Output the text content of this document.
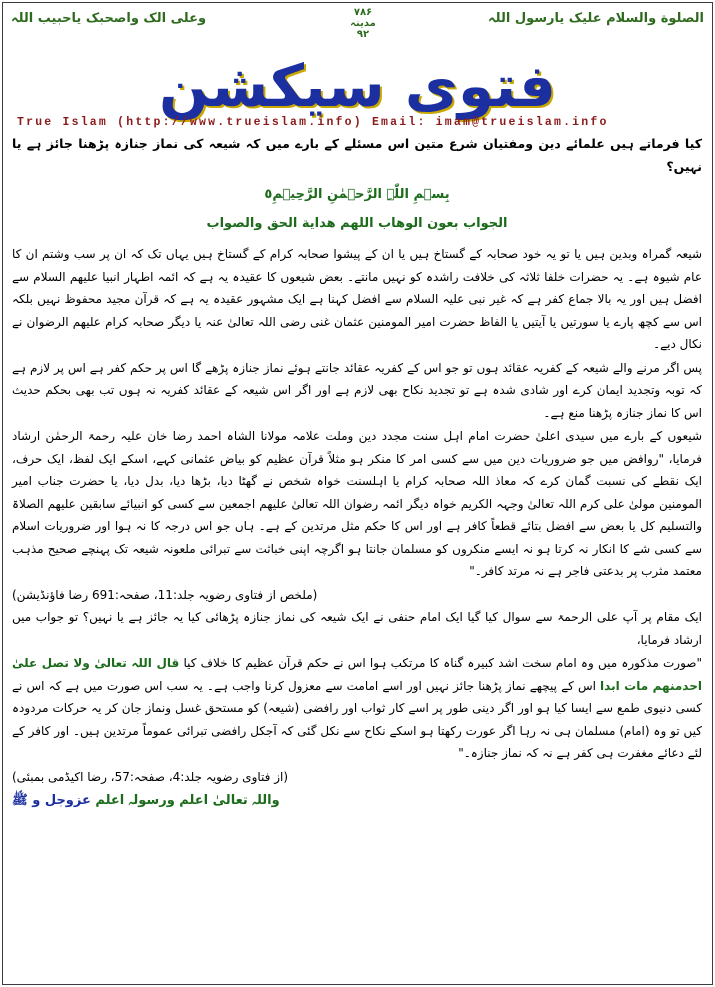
الصلوة والسلام علیک یارسول اللہ
وعلی الک واصحبک یاحبیب اللہ	۷۸۶
مدینہ
۹۲
فتوی سیکشن
True Islam (http://www.trueislam.info) Email: imam@trueislam.info
کیا فرماتے ہیں علمائے دین ومفتیان شرع متین اس مسئلے کے بارے میں کہ شیعہ کی نماز جنازہ پڑھنا جائز ہے یا نہیں؟
بِسۡمِ اللّٰہِ الرَّحۡمٰنِ الرَّحِیۡمِ٥
الجواب بعون الوھاب اللھم ھدایة الحق والصواب

شیعہ گمراہ وبدین ہیں یا تو یہ خود صحابہ کے گستاخ ہیں یا ان کے پیشوا صحابہ کرام کے گستاخ ہیں یہاں تک کہ ان پر سب وشتم ان کا عام شیوہ ہے۔ یہ حضرات خلفا ثلاثہ کی خلافت راشدہ کو نہیں مانتے۔ بعض شیعوں کا عقیدہ یہ ہے کہ ائمہ اطہار انبیا علیھم السلام سے افضل ہیں اور یہ بالا جماع کفر ہے کہ غیر نبی علیہ السلام سے افضل کہنا ہے ایک مشہور عقیدہ یہ ہے کہ قرآن مجید محفوظ نہیں بلکہ اس سے کچھ پارے یا سورتیں یا آیتیں یا الفاظ حضرت امیر المومنین عثمان غنی رضی اللہ تعالیٰ عنہ یا دیگر صحابہ کرام علیھم الرضوان نے نکال دیے۔

پس اگر مرنے والے شیعہ کے کفریہ عقائد ہوں تو جو اس کے کفریہ عقائد جانتے ہوئے نماز جنازہ پڑھے گا اس پر حکم کفر ہے اس پر لازم ہے کہ توبہ وتجدید ایمان کرے اور شادی شدہ ہے تو تجدید نکاح بھی لازم ہے اور اگر اس شیعہ کے عقائد کفریہ نہ ہوں تب بھی بحکم حدیث اس کا نماز جنازہ پڑھنا منع ہے۔

شیعوں کے بارے میں سیدی اعلیٰ حضرت امام اہل سنت مجدد دین وملت علامہ مولانا الشاہ احمد رضا خان علیہ رحمۃ الرحمٰن ارشاد فرمایا، "روافض میں جو ضروریات دین میں سے کسی امر کا منکر ہو مثلاً قرآن عظیم کو بیاض عثمانی کہے، اسکے ایک لفظ، ایک حرف، ایک نقطے کی نسبت گمان کرے کہ معاذ اللہ صحابہ کرام یا اہلسنت خواہ شخص نے گھٹا دیا، بڑھا دیا، بدل دیا، یا حضرت جناب امیر المومنین مولیٰ علی کرم اللہ تعالیٰ وجہہ الکریم خواہ دیگر ائمہ رضوان اللہ تعالیٰ علیھم اجمعین سے کسی کو انبیائے سابقین علیھم الصلاۃ والتسلیم کل یا بعض سے افضل بتائے قطعاً کافر ہے اور اس کا حکم مثل مرتدین کے ہے۔ ہاں جو اس درجہ کا نہ ہوا اور ضروریات اسلام سے کسی شے کا انکار نہ کرتا ہو نہ ایسے منکروں کو مسلمان جانتا ہو اگرچہ اپنی خباثت سے تبرائی ملعونہ شیعہ تک پہنچے صحیح مذہب معتمد مثرب پر بدعتی فاجر ہے نہ مرتد کافر۔"

(ملخص از فتاوی رضویہ جلد:11، صفحہ:691 رضا فاؤنڈیشن)

ایک مقام پر آپ علی الرحمۃ سے سوال کیا گیا ایک امام حنفی نے ایک شیعہ کی نماز جنازہ پڑھائی کیا یہ جائز ہے یا نہیں؟ تو جواب میں ارشاد فرمایا،

"صورت مذکورہ میں وہ امام سخت اشد کبیرہ گناہ کا مرتکب ہوا اس نے حکم قرآن عظیم کا خلاف کیا قال اللہ تعالیٰ ولا تصل علیٰ احدمنھم مات ابدا اس کے پیچھے نماز پڑھنا جائز نہیں اور اسے امامت سے معزول کرنا واجب ہے۔ یہ سب اس صورت میں ہے کہ اس نے کسی دنیوی طمع سے ایسا کیا ہو اور اگر دینی طور پر اسے کار ثواب اور رافضی (شیعہ) کو مستحق غسل ونماز جان کر یہ حرکات مردودہ کیں تو وہ (امام) مسلمان ہی نہ رہا اگر عورت رکھتا ہو اسکے نکاح سے نکل گئی کہ آجکل رافضی تبرائی عموماً مرتدین ہیں۔ اور کافر کے لئے دعائے مغفرت ہی کفر ہے نہ کہ نماز جنازہ۔"

(از فتاوی رضویہ جلد:4، صفحہ:57، رضا اکیڈمی بمبئی)

واللہ تعالیٰ اعلم ورسولہ اعلم عزوجل و ﷺ
